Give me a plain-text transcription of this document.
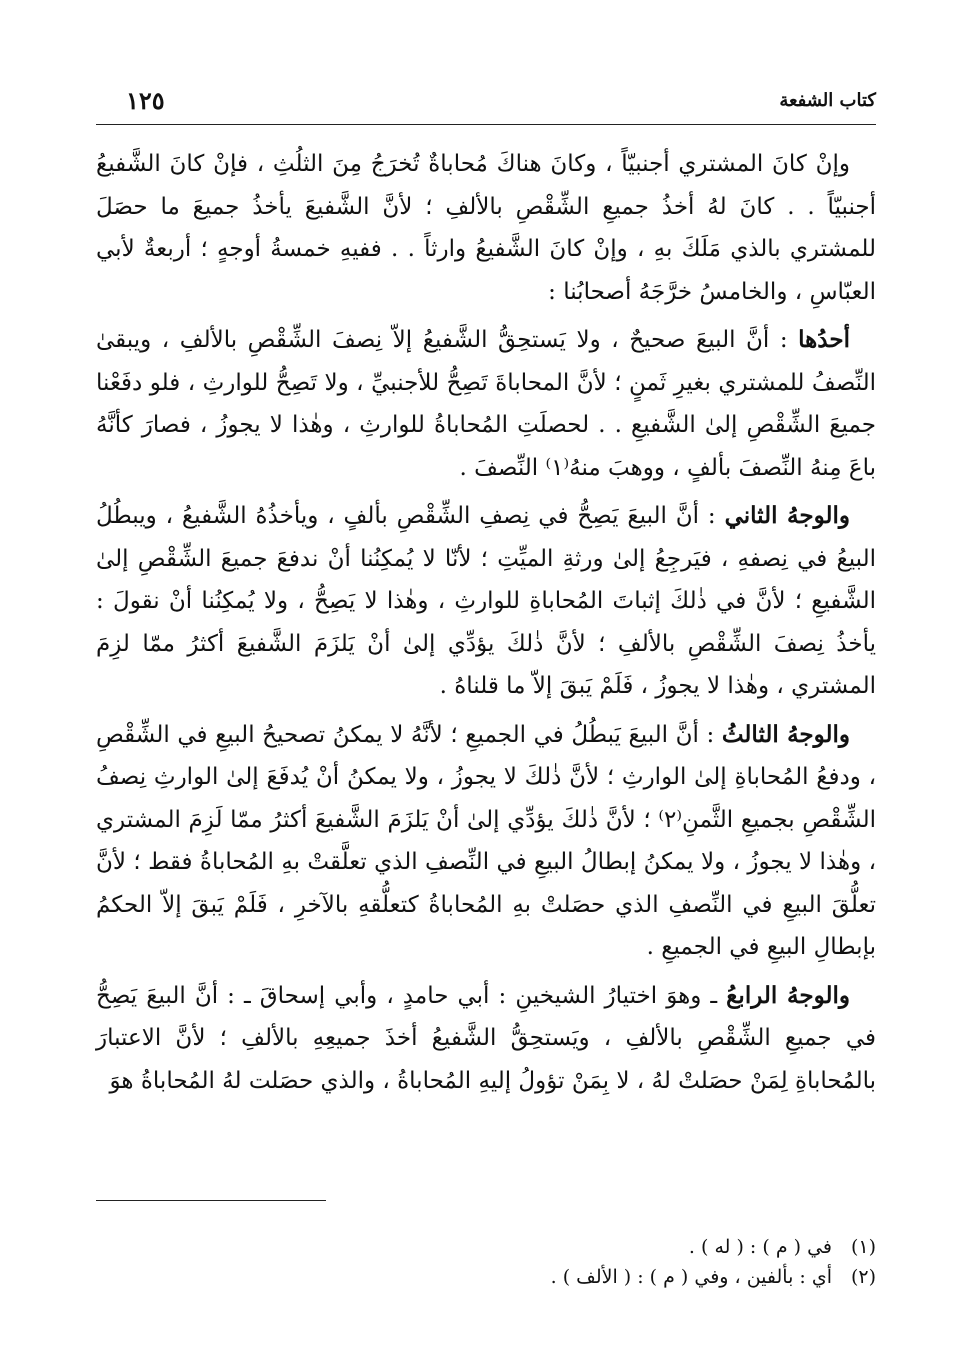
كتاب الشفعة
١٢٥

وإنْ كانَ المشتري أجنبيّاً ، وكانَ هناكَ مُحاباةٌ تُخرَجُ مِنَ الثلُثِ ، فإنْ كانَ الشَّفيعُ أجنبيّاً . . كانَ لهُ أخذُ جميعِ الشِّقْصِ بالألفِ ؛ لأنَّ الشَّفيعَ يأخذُ جميعَ ما حصَلَ للمشتري بالذي مَلَكَ بهِ ، وإنْ كانَ الشَّفيعُ وارثاً . . ففيهِ خمسةُ أوجهٍ ؛ أربعةٌ لأبي العبّاسِ ، والخامسُ خرَّجَهُ أصحابُنا :

أحدُها : أنَّ البيعَ صحيحٌ ، ولا يَستحِقُّ الشَّفيعُ إلاّ نِصفَ الشِّقْصِ بالألفِ ، ويبقىٰ النِّصفُ للمشتري بغيرِ ثَمنٍ ؛ لأنَّ المحاباةَ تَصِحُّ للأجنبيِّ ، ولا تَصِحُّ للوارثِ ، فلو دفَعْنا جميعَ الشِّقْصِ إلىٰ الشَّفيعِ . . لحصلَتِ المُحاباةُ للوارثِ ، وهٰذا لا يجوزُ ، فصارَ كأنَّهُ باعَ مِنهُ النِّصفَ بألفٍ ، ووهبَ منهُ⁽١⁾ النِّصفَ .

والوجهُ الثاني : أنَّ البيعَ يَصِحُّ في نِصفِ الشِّقْصِ بألفٍ ، ويأخذُهُ الشَّفيعُ ، ويبطُلُ البيعُ في نِصفهِ ، فيَرجِعُ إلىٰ ورثةِ الميِّتِ ؛ لأنّا لا يُمكِنُنا أنْ ندفعَ جميعَ الشِّقْصِ إلىٰ الشَّفيعِ ؛ لأنَّ في ذٰلكَ إثباتَ المُحاباةِ للوارثِ ، وهٰذا لا يَصِحُّ ، ولا يُمكِنُنا أنْ نقولَ : يأخذُ نِصفَ الشِّقْصِ بالألفِ ؛ لأنَّ ذٰلكَ يؤدِّي إلىٰ أنْ يَلزَمَ الشَّفيعَ أكثرُ ممّا لزِمَ المشتري ، وهٰذا لا يجوزُ ، فَلَمْ يَبقَ إلاّ ما قلناهُ .

والوجهُ الثالثُ : أنَّ البيعَ يَبطُلُ في الجميعِ ؛ لأنَّهُ لا يمكنُ تصحيحُ البيعِ في الشِّقْصِ ، ودفعُ المُحاباةِ إلىٰ الوارثِ ؛ لأنَّ ذٰلكَ لا يجوزُ ، ولا يمكنُ أنْ يُدفَعَ إلىٰ الوارثِ نِصفُ الشِّقْصِ بجميعِ الثَّمنِ⁽٢⁾ ؛ لأنَّ ذٰلكَ يؤدِّي إلىٰ أنْ يَلزَمَ الشَّفيعَ أكثرُ ممّا لَزِمَ المشتري ، وهٰذا لا يجوزُ ، ولا يمكنُ إبطالُ البيعِ في النِّصفِ الذي تعلَّقتْ بهِ المُحاباةُ فقط ؛ لأنَّ تعلُّقَ البيعِ في النِّصفِ الذي حصَلتْ بهِ المُحاباةُ كتعلُّقهِ بالآخرِ ، فَلَمْ يَبقَ إلاّ الحكمُ بإبطالِ البيعِ في الجميعِ .

والوجهُ الرابعُ ـ وهوَ اختيارُ الشيخينِ : أبي حامدٍ ، وأبي إسحاقَ ـ : أنَّ البيعَ يَصِحُّ في جميعِ الشِّقْصِ بالألفِ ، ويَستحِقُّ الشَّفيعُ أخذَ جميعِهِ بالألفِ ؛ لأنَّ الاعتبارَ بالمُحاباةِ لِمَنْ حصَلتْ لهُ ، لا بِمَنْ تؤولُ إليهِ المُحاباةُ ، والذي حصَلت لهُ المُحاباةُ هوَ

(١)في ( م ) : ( له ) .
(٢)أي : بألفين ، وفي ( م ) : ( الألف ) .
